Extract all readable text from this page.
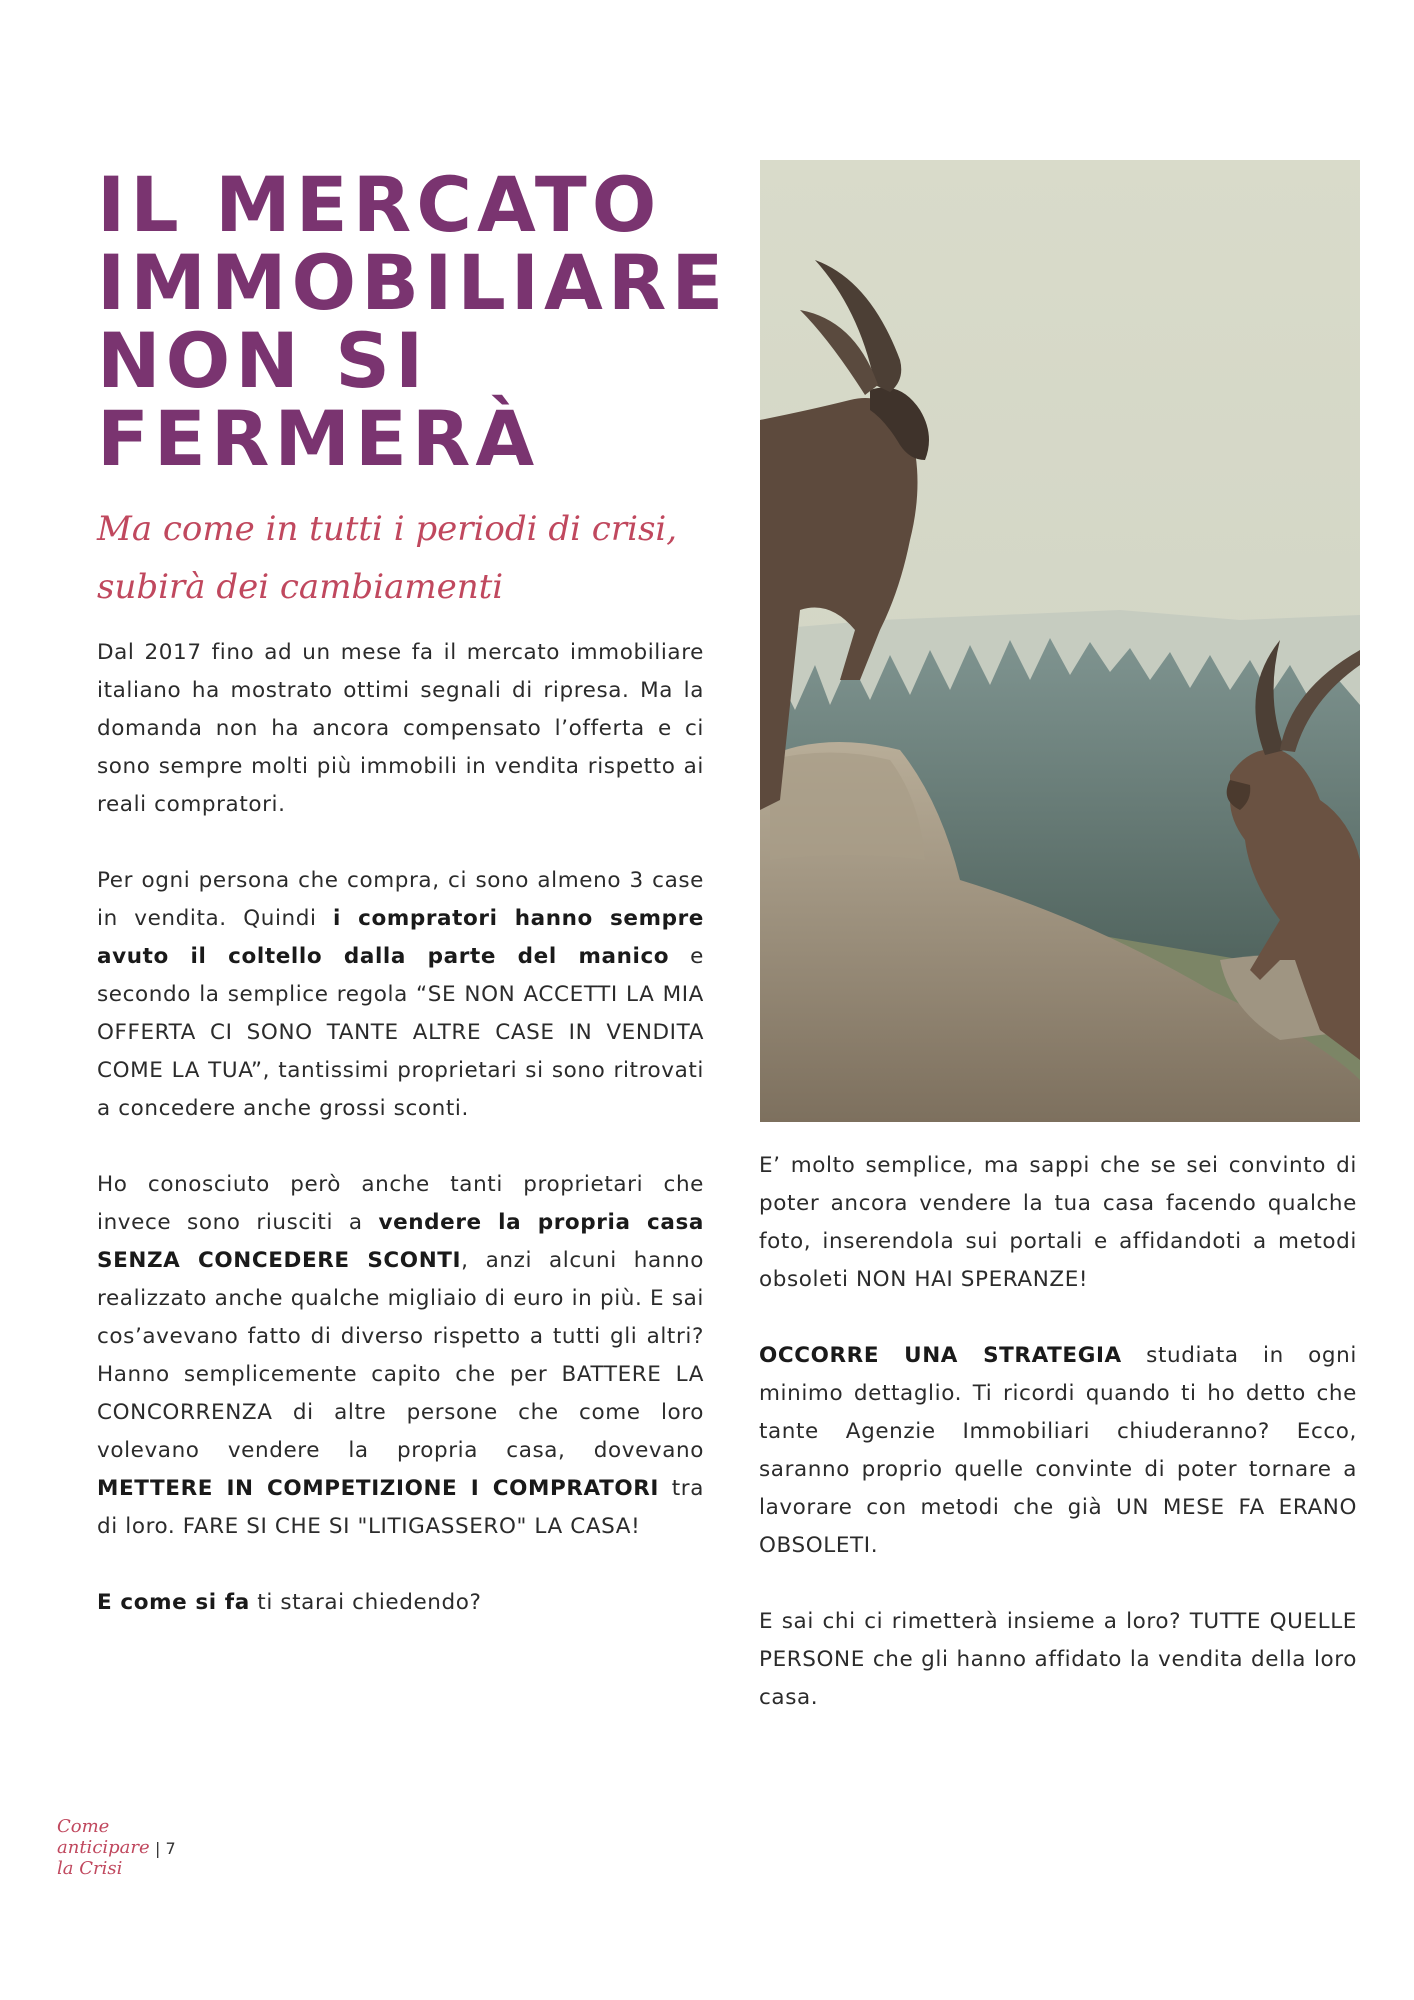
IL MERCATO
IMMOBILIARE
NON SI
FERMERÀ
Ma come in tutti i periodi di crisi,
subirà dei cambiamenti

Dal 2017 fino ad un mese fa il mercato immobiliare italiano ha mostrato ottimi segnali di ripresa. Ma la domanda non ha ancora compensato l’offerta e ci sono sempre molti più immobili in vendita rispetto ai reali compratori.

Per ogni persona che compra, ci sono almeno 3 case in vendita. Quindi i compratori hanno sempre avuto il coltello dalla parte del manico e secondo la semplice regola “SE NON ACCETTI LA MIA OFFERTA CI SONO TANTE ALTRE CASE IN VENDITA COME LA TUA”, tantissimi proprietari si sono ritrovati a concedere anche grossi sconti.

Ho conosciuto però anche tanti proprietari che invece sono riusciti a vendere la propria casa SENZA CONCEDERE SCONTI, anzi alcuni hanno realizzato anche qualche migliaio di euro in più. E sai cos’avevano fatto di diverso rispetto a tutti gli altri? Hanno semplicemente capito che per BATTERE LA CONCORRENZA di altre persone che come loro volevano vendere la propria casa, dovevano METTERE IN COMPETIZIONE I COMPRATORI tra di loro. FARE SI CHE SI "LITIGASSERO" LA CASA!

E come si fa ti starai chiedendo?

E’ molto semplice, ma sappi che se sei convinto di poter ancora vendere la tua casa facendo qualche foto, inserendola sui portali e affidandoti a metodi obsoleti NON HAI SPERANZE!

OCCORRE UNA STRATEGIA studiata in ogni minimo dettaglio. Ti ricordi quando ti ho detto che tante Agenzie Immobiliari chiuderanno? Ecco, saranno proprio quelle convinte di poter tornare a lavorare con metodi che già UN MESE FA ERANO OBSOLETI.

E sai chi ci rimetterà insieme a loro? TUTTE QUELLE PERSONE che gli hanno affidato la vendita della loro casa.

Come
anticipare
la Crisi
| 7
